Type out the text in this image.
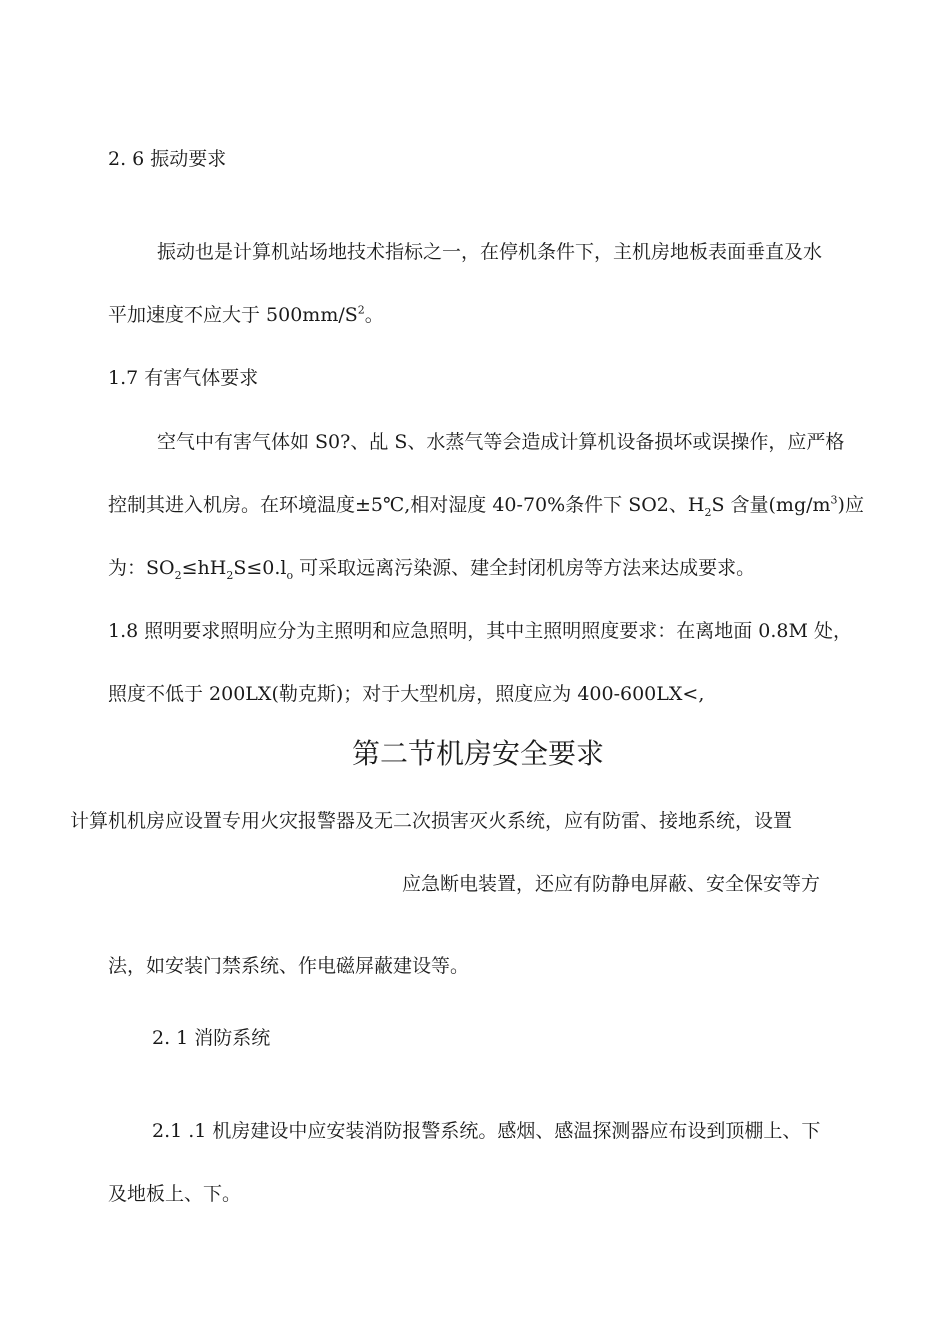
2. 6 振动要求
振动也是计算机站场地技术指标之一，在停机条件下，主机房地板表面垂直及水
平加速度不应大于 $500mm/S^2$。
1.7 有害气体要求
空气中有害气体如 S0?、乩 S、水蒸气等会造成计算机设备损坏或误操作，应严格
控制其进入机房。在环境温度±5℃,相对湿度 40-70%条件下 SO2、$H_2S$ 含量$(mg/m^3)$应
为：$SO_2\le hH_2S\le 0.l_o$ 可采取远离污染源、建全封闭机房等方法来达成要求。
1.8 照明要求照明应分为主照明和应急照明，其中主照明照度要求：在离地面 0.8M 处，
照度不低于 200LX(勒克斯)；对于大型机房，照度应为 400-600LX<,
第二节机房安全要求
计算机机房应设置专用火灾报警器及无二次损害灭火系统，应有防雷、接地系统，设置
应急断电装置，还应有防静电屏蔽、安全保安等方
法，如安装门禁系统、作电磁屏蔽建设等。
2. 1 消防系统
2.1 .1 机房建设中应安装消防报警系统。感烟、感温探测器应布设到顶棚上、下
及地板上、下。
